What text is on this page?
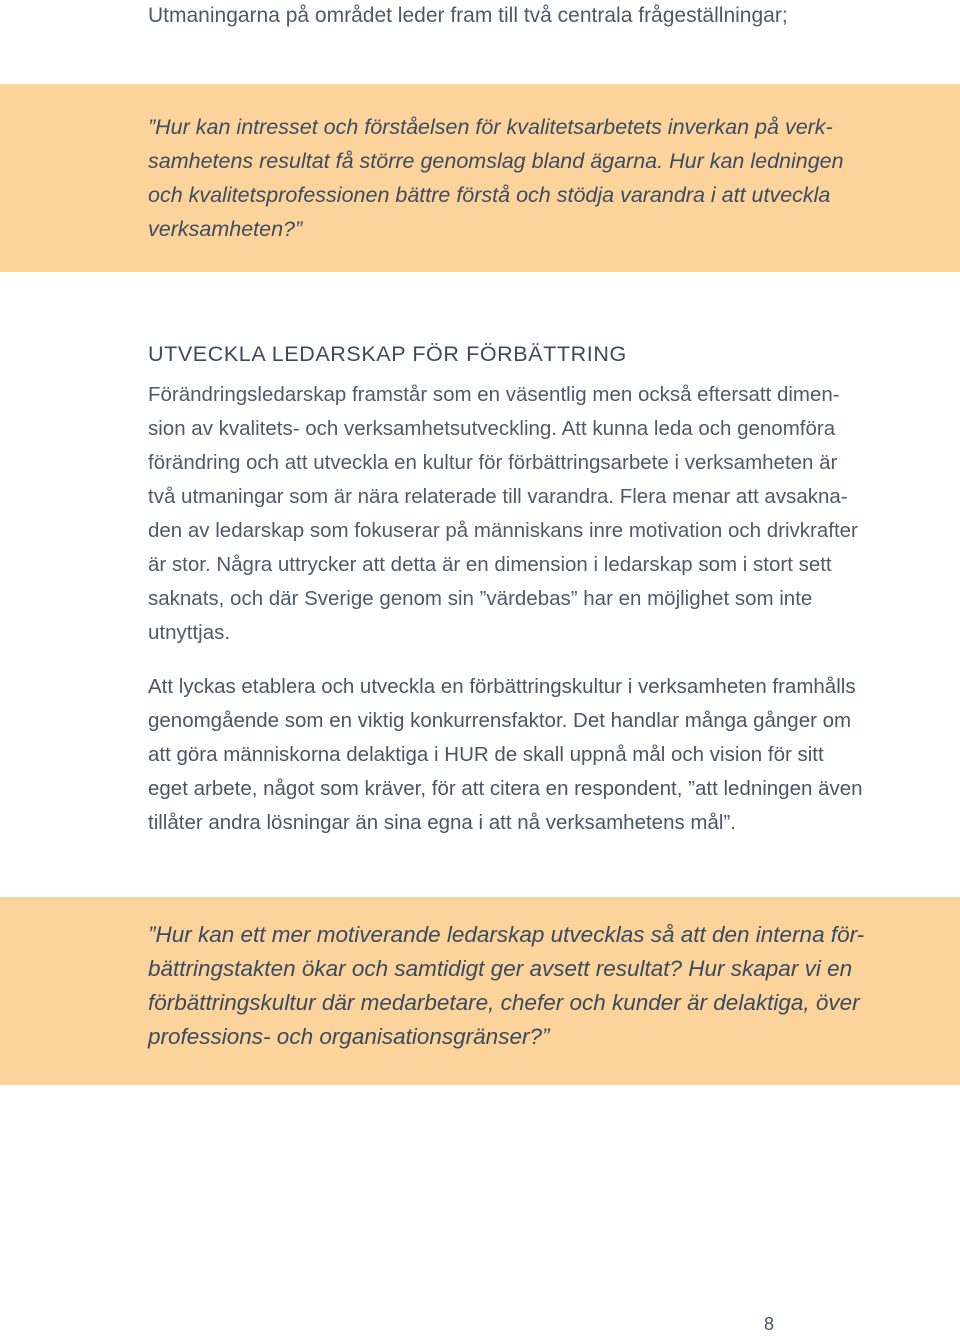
Utmaningarna på området leder fram till två centrala frågeställningar;

”Hur kan intresset och förståelsen för kvalitetsarbetets inverkan på verk-

samhetens resultat få större genomslag bland ägarna. Hur kan ledningen

och kvalitetsprofessionen bättre förstå och stödja varandra i att utveckla

verksamheten?”

UTVECKLA LEDARSKAP FÖR FÖRBÄTTRING

Förändringsledarskap framstår som en väsentlig men också eftersatt dimen-

sion av kvalitets- och verksamhetsutveckling. Att kunna leda och genomföra

förändring och att utveckla en kultur för förbättringsarbete i verksamheten är

två utmaningar som är nära relaterade till varandra. Flera menar att avsakna-

den av ledarskap som fokuserar på människans inre motivation och drivkrafter

är stor. Några uttrycker att detta är en dimension i ledarskap som i stort sett

saknats, och där Sverige genom sin ”värdebas” har en möjlighet som inte

utnyttjas.

Att lyckas etablera och utveckla en förbättringskultur i verksamheten framhålls

genomgående som en viktig konkurrensfaktor. Det handlar många gånger om

att göra människorna delaktiga i HUR de skall uppnå mål och vision för sitt

eget arbete, något som kräver, för att citera en respondent, ”att ledningen även

tillåter andra lösningar än sina egna i att nå verksamhetens mål”.

”Hur kan ett mer motiverande ledarskap utvecklas så att den interna för-

bättringstakten ökar och samtidigt ger avsett resultat? Hur skapar vi en

förbättringskultur där medarbetare, chefer och kunder är delaktiga, över

professions- och organisationsgränser?”

8
